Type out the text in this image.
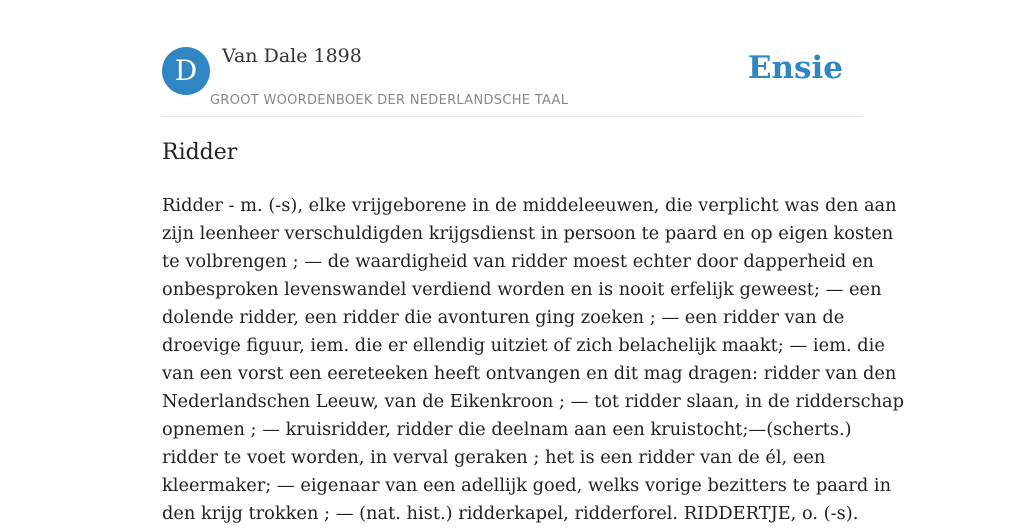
D	Van Dale 1898
GROOT WOORDENBOEK DER NEDERLANDSCHE TAAL
Ensie
Ridder
Ridder - m. (-s), elke vrijgeborene in de middeleeuwen, die verplicht was den aan
zijn leenheer verschuldigden krijgsdienst in persoon te paard en op eigen kosten
te volbrengen ; — de waardigheid van ridder moest echter door dapperheid en
onbesproken levenswandel verdiend worden en is nooit erfelijk geweest; — een
dolende ridder, een ridder die avonturen ging zoeken ; — een ridder van de
droevige figuur, iem. die er ellendig uitziet of zich belachelijk maakt; — iem. die
van een vorst een eereteeken heeft ontvangen en dit mag dragen: ridder van den
Nederlandschen Leeuw, van de Eikenkroon ; — tot ridder slaan, in de ridderschap
opnemen ; — kruisridder, ridder die deelnam aan een kruistocht;—(scherts.)
ridder te voet worden, in verval geraken ; het is een ridder van de él, een
kleermaker; — eigenaar van een adellijk goed, welks vorige bezitters te paard in
den krijg trokken ; — (nat. hist.) ridderkapel, ridderforel. RIDDERTJE, o. (-s).
